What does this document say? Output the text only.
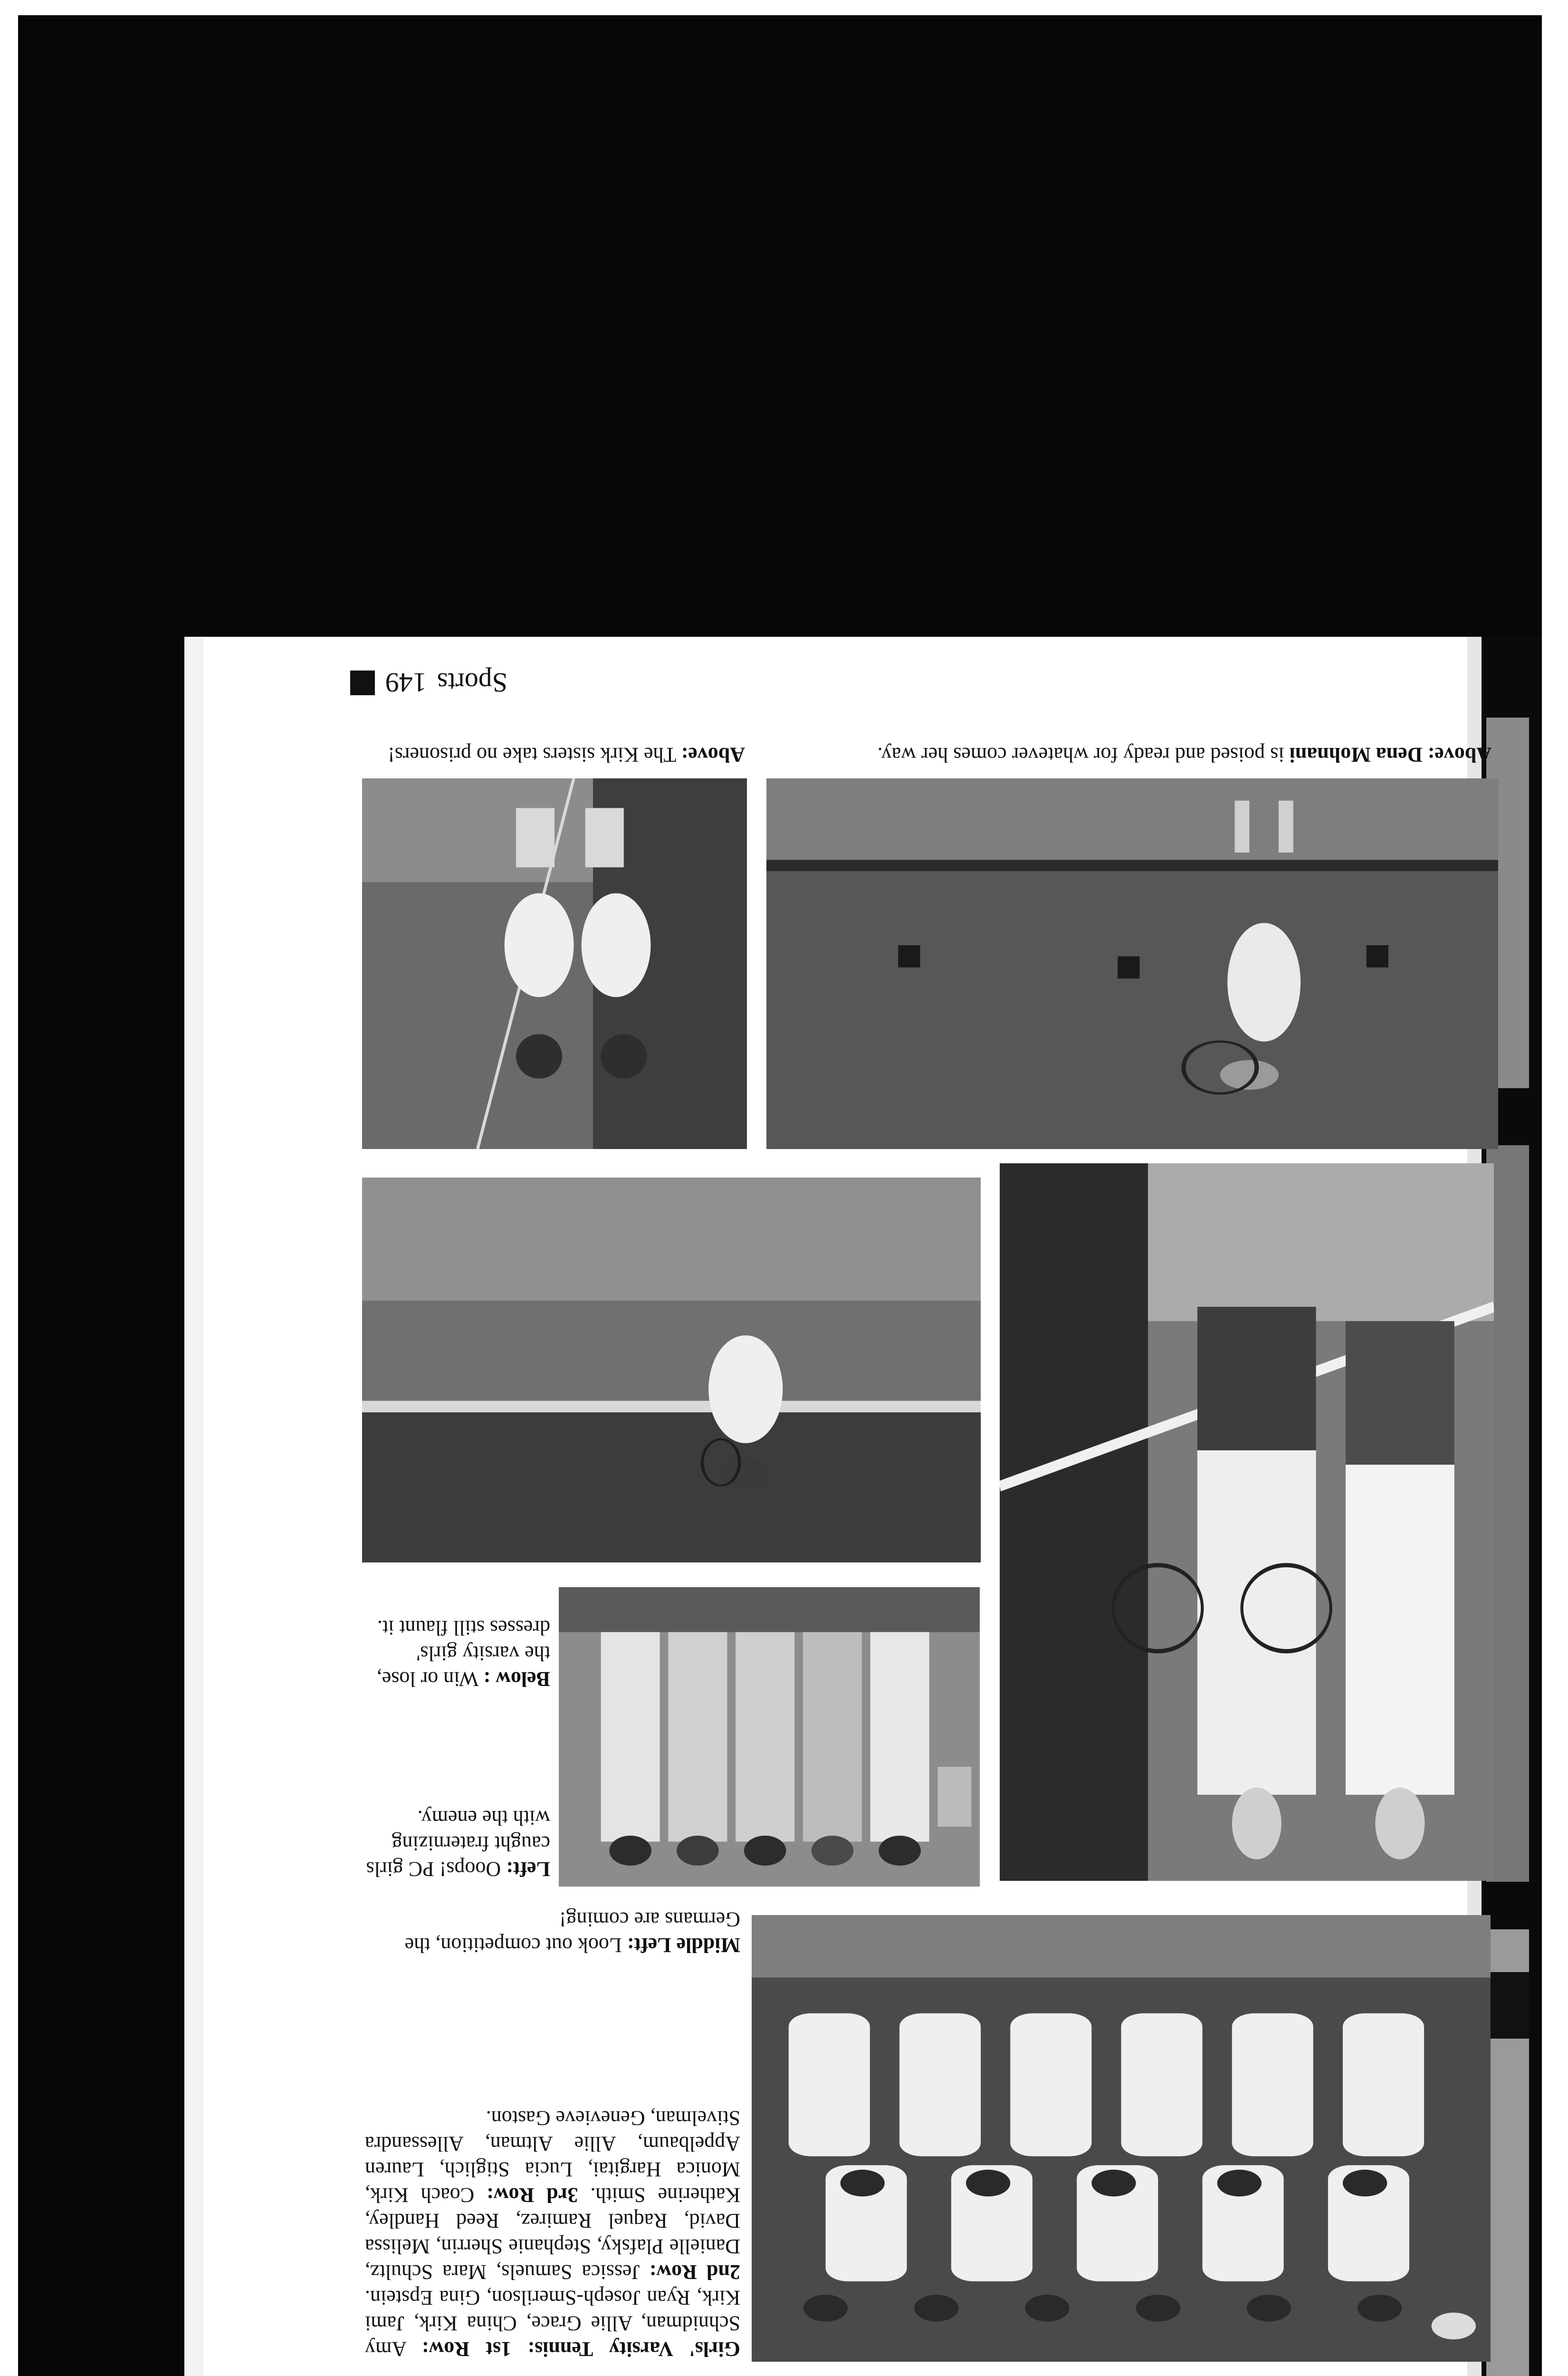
Sports
149
Above: Dena Mohnani is poised and ready for whatever comes her way.
Above: The Kirk sisters take no prisoners!
Below : Win or lose, the varsity girls' dresses still flaunt it.
Left: Ooops! PC girls caught fraternizing with the enemy.
Middle Left: Look out competition, the Germans are coming!
Girls' Varsity Tennis: 1st Row: Amy Schnidman, Allie Grace, China Kirk, Jami Kirk, Ryan Joseph-Smerilson, Gina Epstein. 2nd Row: Jessica Samuels, Mara Schultz, Danielle Plafsky, Stephanie Sherrin, Melissa David, Raquel Ramirez, Reed Handley, Katherine Smith. 3rd Row: Coach Kirk, Monica Hargitai, Lucia Stiglich, Lauren Appelbaum, Allie Altman, Allessandra Stivelman, Genevieve Gaston.
